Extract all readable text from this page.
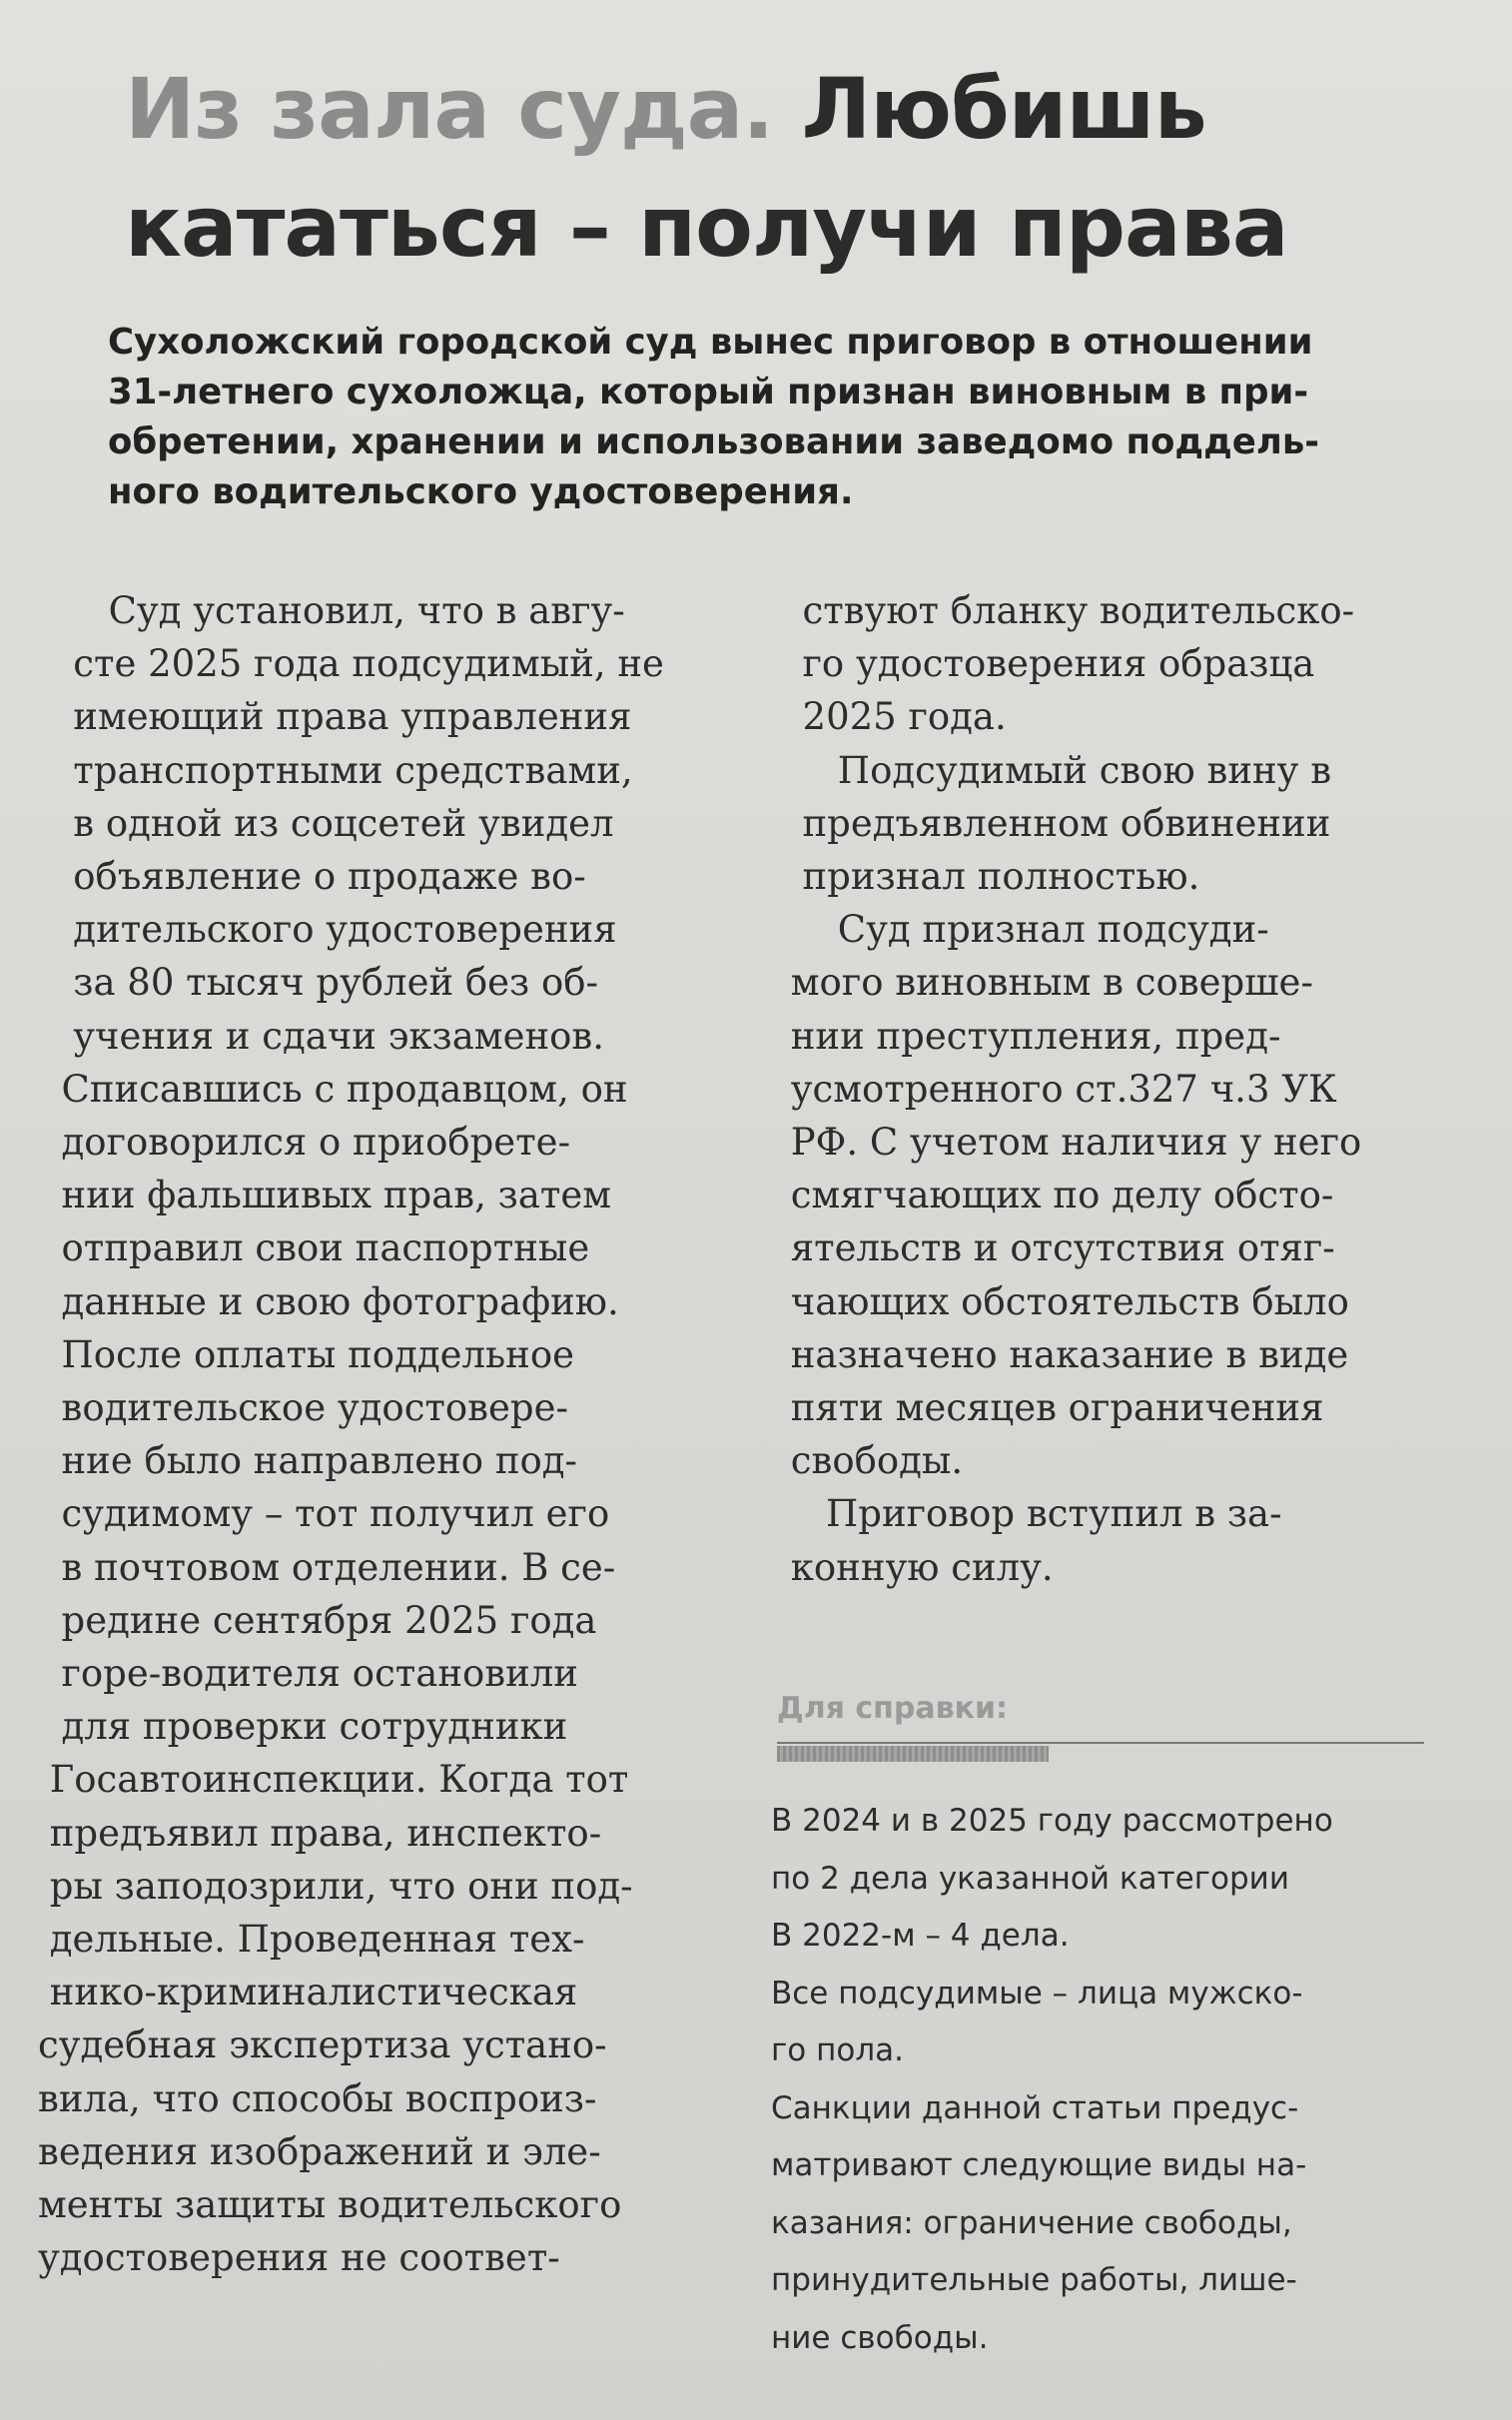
Из зала суда. Любишь
кататься – получи права
Сухоложский городской суд вынес приговор в отношении
31-летнего сухоложца, который признан виновным в при-
обретении, хранении и использовании заведомо поддель-
ного водительского удостоверения.

Суд установил, что в авгу-

сте 2025 года подсудимый, не

имеющий права управления

транспортными средствами,

в одной из соцсетей увидел

объявление о продаже во-

дительского удостоверения

за 80 тысяч рублей без об-

учения и сдачи экзаменов.

Списавшись с продавцом, он

договорился о приобрете-

нии фальшивых прав, затем

отправил свои паспортные

данные и свою фотографию.

После оплаты поддельное

водительское удостовере-

ние было направлено под-

судимому – тот получил его

в почтовом отделении. В се-

редине сентября 2025 года

горе-водителя остановили

для проверки сотрудники

Госавтоинспекции. Когда тот

предъявил права, инспекто-

ры заподозрили, что они под-

дельные. Проведенная тех-

нико-криминалистическая

судебная экспертиза устано-

вила, что способы воспроиз-

ведения изображений и эле-

менты защиты водительского

удостоверения не соответ-

ствуют бланку водительско-

го удостоверения образца

2025 года.

Подсудимый свою вину в

предъявленном обвинении

признал полностью.

Суд признал подсуди-

мого виновным в соверше-

нии преступления, пред-

усмотренного ст.327 ч.3 УК

РФ. С учетом наличия у него

смягчающих по делу обсто-

ятельств и отсутствия отяг-

чающих обстоятельств было

назначено наказание в виде

пяти месяцев ограничения

свободы.

Приговор вступил в за-

конную силу.

Для справки:

В 2024 и в 2025 году рассмотрено

по 2 дела указанной категории

В 2022-м – 4 дела.

Все подсудимые – лица мужско-

го пола.

Санкции данной статьи предус-

матривают следующие виды на-

казания: ограничение свободы,

принудительные работы, лише-

ние свободы.
